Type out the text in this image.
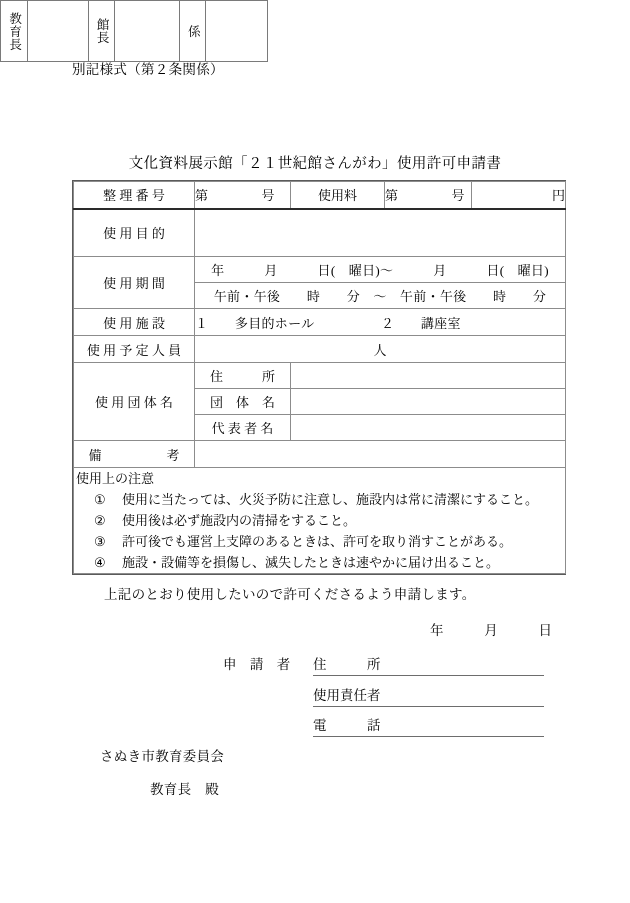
別記様式（第２条関係）
教育長	館長	係
文化資料展示館「２１世紀館さんがわ」使用許可申請書
整 理 番 号	第　　　　号	使用料	第　　　　号	円

使 用 目 的				

使 用 期 間	年　　　月　　　日(　曜日)〜　　　月　　　日(　曜日)			
	午前・午後　　時　　分　〜　午前・午後　　時　　分			

使 用 施 設	１　　多目的ホール　　　　　２　　講座室			

使 用 予 定 人 員	人			

使 用 団 体 名	住　　　所			

団　体　名			

代 表 者 名			

備　　　　　考				

使用上の注意
①	使用に当たっては、火災予防に注意し、施設内は常に清潔にすること。
②	使用後は必ず施設内の清掃をすること。
③	許可後でも運営上支障のあるときは、許可を取り消すことがある。
④	施設・設備等を損傷し、滅失したときは速やかに届け出ること。
上記のとおり使用したいので許可くださるよう申請します。
年	月	日
申 請 者 住　　　所
使用責任者
電　　　話
さぬき市教育委員会
教育長　殿
